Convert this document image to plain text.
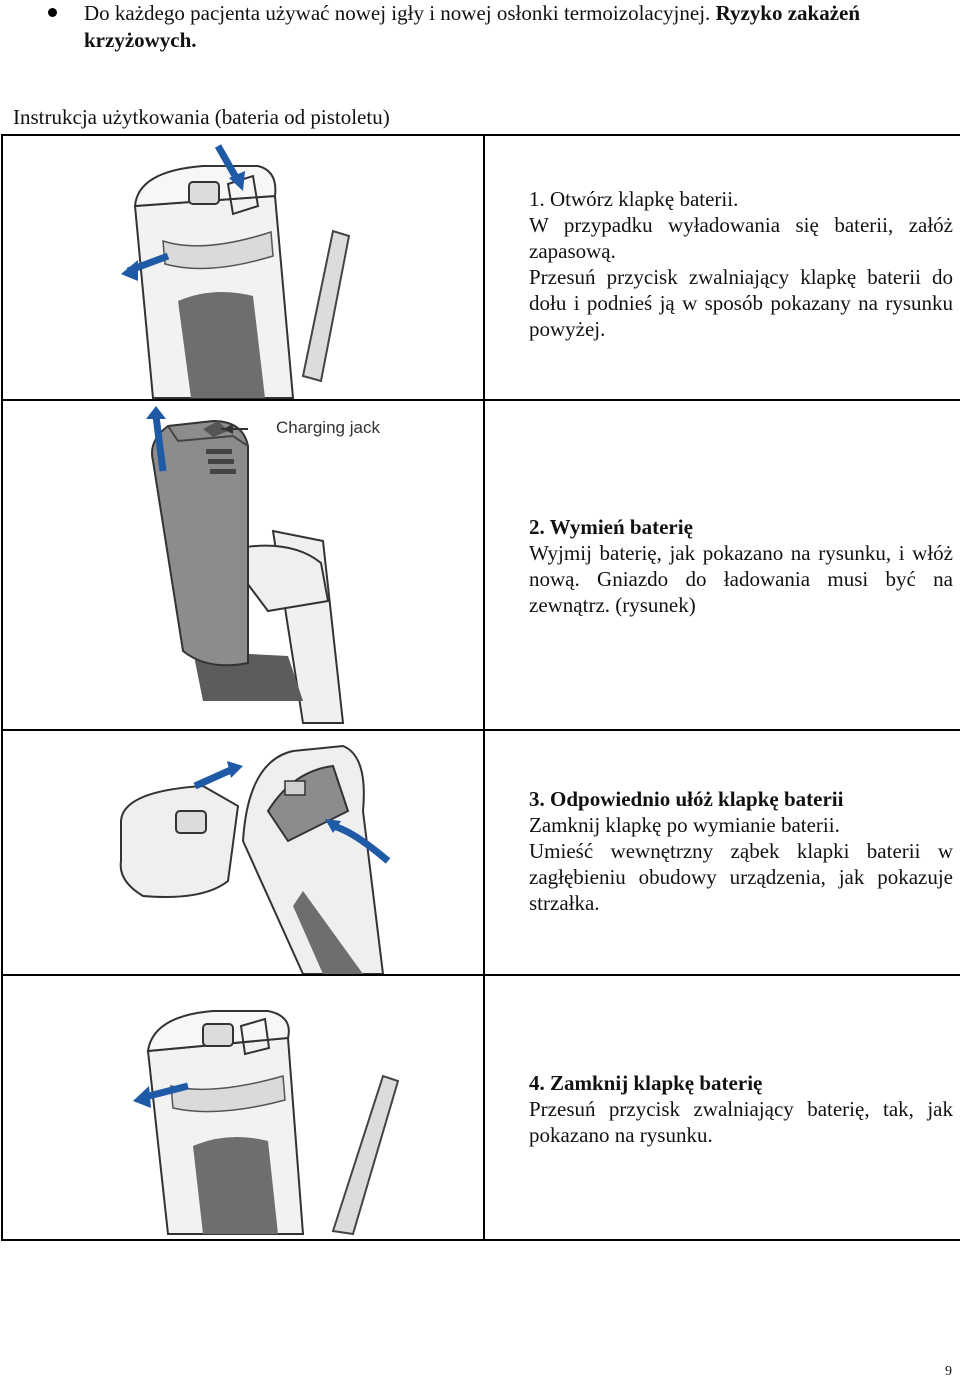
Do każdego pacjenta używać nowej igły i nowej osłonki termoizolacyjnej. Ryzyko zakażeń krzyżowych.
Instrukcja użytkowania (bateria od pistoletu)

1. Otwórz klapkę baterii.
W przypadku wyładowania się baterii, załóż zapasową.
Przesuń przycisk zwalniający klapkę baterii do dołu i podnieś ją w sposób pokazany na rysunku powyżej.

Charging jack	2. Wymień baterię
Wyjmij baterię, jak pokazano na rysunku, i włóż nową. Gniazdo do ładowania musi być na zewnątrz. (rysunek)

3. Odpowiednio ułóż klapkę baterii
Zamknij klapkę po wymianie baterii.
Umieść wewnętrzny ząbek klapki baterii w zagłębieniu obudowy urządzenia, jak pokazuje strzałka.

4. Zamknij klapkę baterię
Przesuń przycisk zwalniający baterię, tak, jak pokazano na rysunku.
9
